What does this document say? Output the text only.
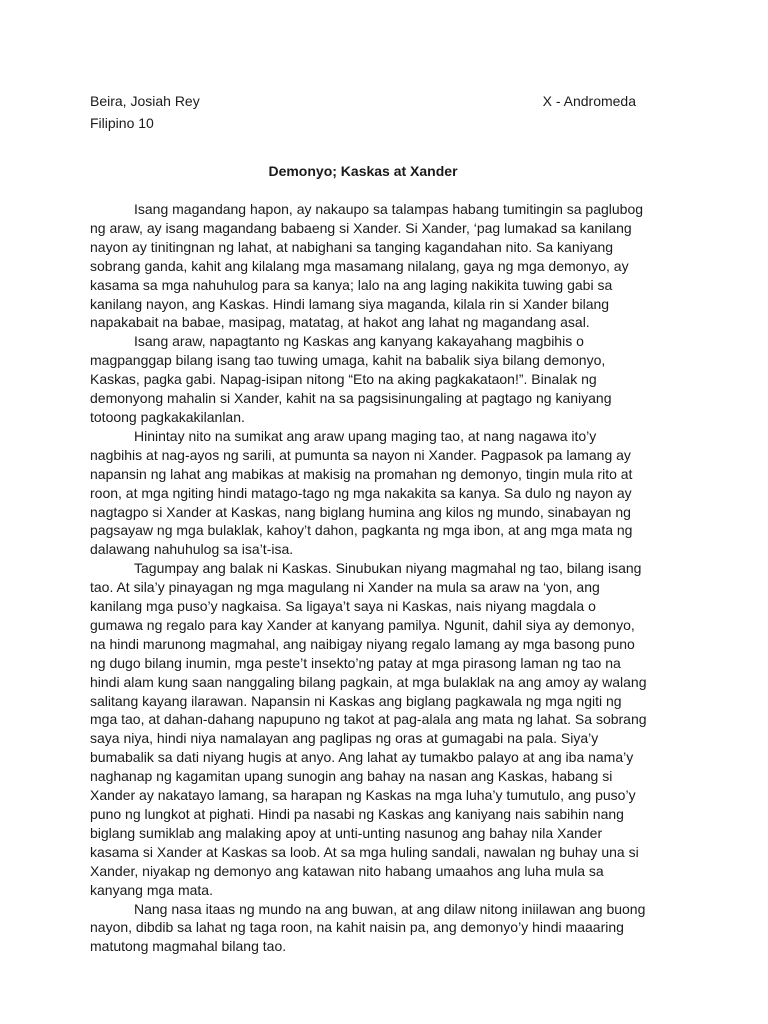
Beira, Josiah Rey	X - Andromeda
Filipino 10
Demonyo; Kaskas at Xander

Isang magandang hapon, ay nakaupo sa talampas habang tumitingin sa paglubog ng araw, ay isang magandang babaeng si Xander. Si Xander, ‘pag lumakad sa kanilang nayon ay tinitingnan ng lahat, at nabighani sa tanging kagandahan nito. Sa kaniyang sobrang ganda, kahit ang kilalang mga masamang nilalang, gaya ng mga demonyo, ay kasama sa mga nahuhulog para sa kanya; lalo na ang laging nakikita tuwing gabi sa kanilang nayon, ang Kaskas. Hindi lamang siya maganda, kilala rin si Xander bilang napakabait na babae, masipag, matatag, at hakot ang lahat ng magandang asal.

Isang araw, napagtanto ng Kaskas ang kanyang kakayahang magbihis o magpanggap bilang isang tao tuwing umaga, kahit na babalik siya bilang demonyo, Kaskas, pagka gabi. Napag-isipan nitong “Eto na aking pagkakataon!”. Binalak ng demonyong mahalin si Xander, kahit na sa pagsisinungaling at pagtago ng kaniyang totoong pagkakakilanlan.

Hinintay nito na sumikat ang araw upang maging tao, at nang nagawa ito’y nagbihis at nag-ayos ng sarili, at pumunta sa nayon ni Xander. Pagpasok pa lamang ay napansin ng lahat ang mabikas at makisig na promahan ng demonyo, tingin mula rito at roon, at mga ngiting hindi matago-tago ng mga nakakita sa kanya. Sa dulo ng nayon ay nagtagpo si Xander at Kaskas, nang biglang humina ang kilos ng mundo, sinabayan ng pagsayaw ng mga bulaklak, kahoy’t dahon, pagkanta ng mga ibon, at ang mga mata ng dalawang nahuhulog sa isa’t-isa.

Tagumpay ang balak ni Kaskas. Sinubukan niyang magmahal ng tao, bilang isang tao. At sila’y pinayagan ng mga magulang ni Xander na mula sa araw na ‘yon, ang kanilang mga puso’y nagkaisa. Sa ligaya’t saya ni Kaskas, nais niyang magdala o gumawa ng regalo para kay Xander at kanyang pamilya. Ngunit, dahil siya ay demonyo, na hindi marunong magmahal, ang naibigay niyang regalo lamang ay mga basong puno ng dugo bilang inumin, mga peste’t insekto’ng patay at mga pirasong laman ng tao na hindi alam kung saan nanggaling bilang pagkain, at mga bulaklak na ang amoy ay walang salitang kayang ilarawan. Napansin ni Kaskas ang biglang pagkawala ng mga ngiti ng mga tao, at dahan-dahang napupuno ng takot at pag-alala ang mata ng lahat. Sa sobrang saya niya, hindi niya namalayan ang paglipas ng oras at gumagabi na pala. Siya’y bumabalik sa dati niyang hugis at anyo. Ang lahat ay tumakbo palayo at ang iba nama’y naghanap ng kagamitan upang sunogin ang bahay na nasan ang Kaskas, habang si Xander ay nakatayo lamang, sa harapan ng Kaskas na mga luha’y tumutulo, ang puso’y puno ng lungkot at pighati. Hindi pa nasabi ng Kaskas ang kaniyang nais sabihin nang biglang sumiklab ang malaking apoy at unti-unting nasunog ang bahay nila Xander kasama si Xander at Kaskas sa loob. At sa mga huling sandali, nawalan ng buhay una si Xander, niyakap ng demonyo ang katawan nito habang umaahos ang luha mula sa kanyang mga mata.

Nang nasa itaas ng mundo na ang buwan, at ang dilaw nitong iniilawan ang buong nayon, dibdib sa lahat ng taga roon, na kahit naisin pa, ang demonyo’y hindi maaaring matutong magmahal bilang tao.
